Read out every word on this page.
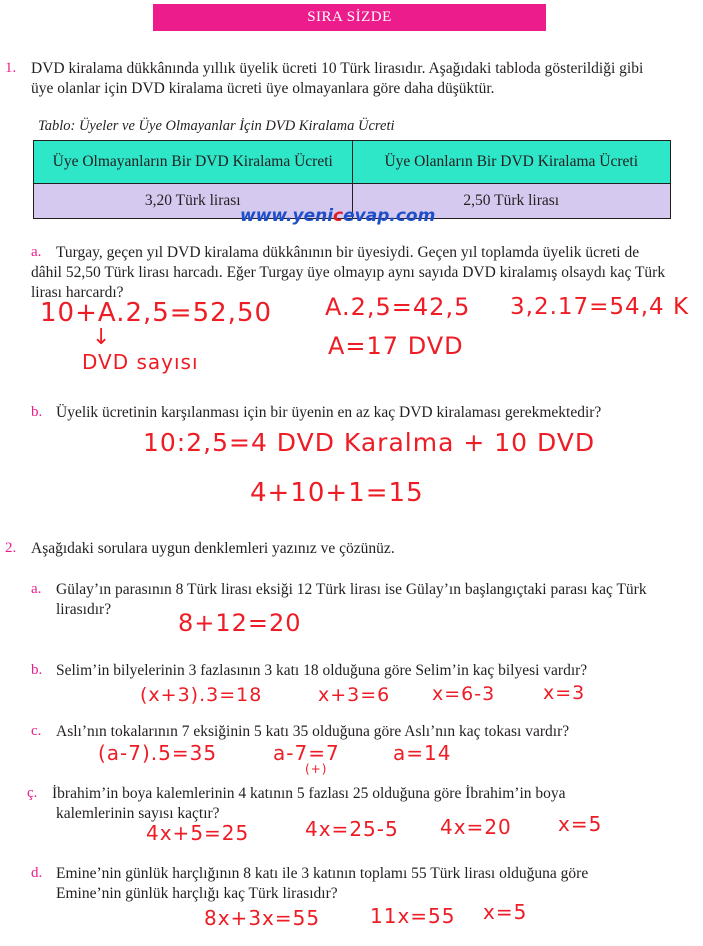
SIRA SİZDE
1. DVD kiralama dükkânında yıllık üyelik ücreti 10 Türk lirasıdır. Aşağıdaki tabloda gösterildiği gibi
üye olanlar için DVD kiralama ücreti üye olmayanlara göre daha düşüktür.
Tablo: Üyeler ve Üye Olmayanlar İçin DVD Kiralama Ücreti
Üye Olmayanların Bir DVD Kiralama Ücreti	Üye Olanların Bir DVD Kiralama Ücreti
3,20 Türk lirası	2,50 Türk lirası
www.yenicevap.com
a. Turgay, geçen yıl DVD kiralama dükkânının bir üyesiydi. Geçen yıl toplamda üyelik ücreti de
dâhil 52,50 Türk lirası harcadı. Eğer Turgay üye olmayıp aynı sayıda DVD kiralamış olsaydı kaç Türk
lirası harcardı?
10+A.2,5=52,50
↓
DVD sayısı
A.2,5=42,5
A=17 DVD
3,2.17=54,4 K
b. Üyelik ücretinin karşılanması için bir üyenin en az kaç DVD kiralaması gerekmektedir?
10:2,5=4 DVD Karalma + 10 DVD
4+10+1=15
2. Aşağıdaki sorulara uygun denklemleri yazınız ve çözünüz.
a. Gülay’ın parasının 8 Türk lirası eksiği 12 Türk lirası ise Gülay’ın başlangıçtaki parası kaç Türk
lirasıdır?	8+12=20
b. Selim’in bilyelerinin 3 fazlasının 3 katı 18 olduğuna göre Selim’in kaç bilyesi vardır?
(x+3).3=18	x+3=6 x=6-3	x=3
c. Aslı’nın tokalarının 7 eksiğinin 5 katı 35 olduğuna göre Aslı’nın kaç tokası vardır?
(a-7).5=35	a-7=7
(+)
a=14
ç. İbrahim’in boya kalemlerinin 4 katının 5 fazlası 25 olduğuna göre İbrahim’in boya
kalemlerinin sayısı kaçtır?
4x+5=25	4x=25-5 4x=20 x=5
d. Emine’nin günlük harçlığının 8 katı ile 3 katının toplamı 55 Türk lirası olduğuna göre
Emine’nin günlük harçlığı kaç Türk lirasıdır?
8x+3x=55 11x=55 x=5
